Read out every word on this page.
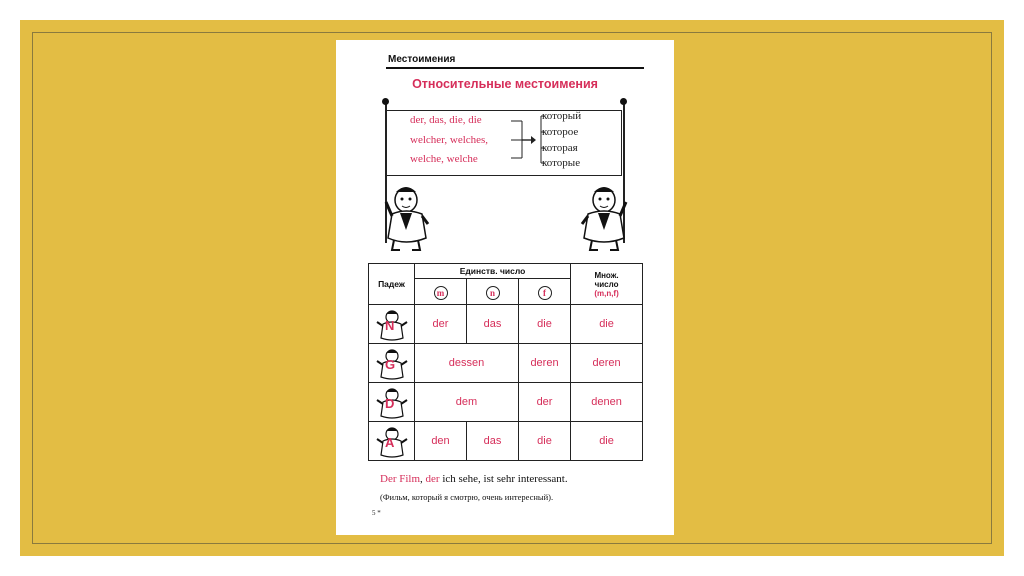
Местоимения
Относительные местоимения
der, das, die, die
welcher, welches,
welche, welche
который
которое
которая
которые
Падеж	Единств. число			Множ.
число
(m,n,f)

	m	n	f	

N	der	das	die	die

G	dessen		deren	deren

D	dem		der	denen

A	den	das	die	die
Der Film, der ich sehe, ist sehr interessant.
(Фильм, который я смотрю, очень интересный).
5 *
